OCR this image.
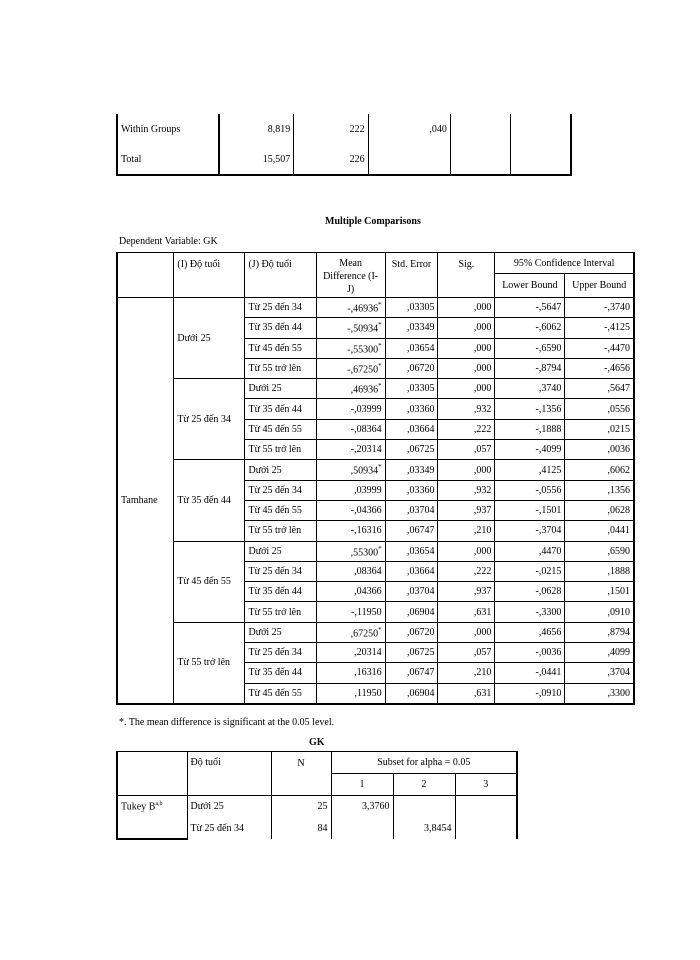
Within Groups	8,819	222	,040		
Total	15,507	226			
Multiple Comparisons
Dependent Variable: GK
	(I) Độ tuổi	(J) Độ tuổi	Mean Difference (I-J)	Std. Error	Sig.	95% Confidence Interval	
						Lower Bound	Upper Bound
Tamhane	Dưới 25	Từ 25 đến 34	-,46936*	,03305	,000	-,5647	-,3740
		Từ 35 đến 44	-,50934*	,03349	,000	-,6062	-,4125
		Từ 45 đến 55	-,55300*	,03654	,000	-,6590	-,4470
		Từ 55 trở lên	-,67250*	,06720	,000	-,8794	-,4656
	Từ 25 đến 34	Dưới 25	,46936*	,03305	,000	,3740	,5647
		Từ 35 đến 44	-,03999	,03360	,932	-,1356	,0556
		Từ 45 đến 55	-,08364	,03664	,222	-,1888	,0215
		Từ 55 trở lên	-,20314	,06725	,057	-,4099	,0036
	Từ 35 đến 44	Dưới 25	,50934*	,03349	,000	,4125	,6062
		Từ 25 đến 34	,03999	,03360	,932	-,0556	,1356
		Từ 45 đến 55	-,04366	,03704	,937	-,1501	,0628
		Từ 55 trở lên	-,16316	,06747	,210	-,3704	,0441
	Từ 45 đến 55	Dưới 25	,55300*	,03654	,000	,4470	,6590
		Từ 25 đến 34	,08364	,03664	,222	-,0215	,1888
		Từ 35 đến 44	,04366	,03704	,937	-,0628	,1501
		Từ 55 trở lên	-,11950	,06904	,631	-,3300	,0910
	Từ 55 trở lên	Dưới 25	,67250*	,06720	,000	,4656	,8794
		Từ 25 đến 34	,20314	,06725	,057	-,0036	,4099
		Từ 35 đến 44	,16316	,06747	,210	-,0441	,3704
		Từ 45 đến 55	,11950	,06904	,631	-,0910	,3300
*. The mean difference is significant at the 0.05 level.
GK
	Độ tuổi	N	Subset for alpha = 0.05		
			1	2	3
Tukey B$^{a,b}$	Dưới 25	25	3,3760		
	Từ 25 đến 34	84		3,8454	
